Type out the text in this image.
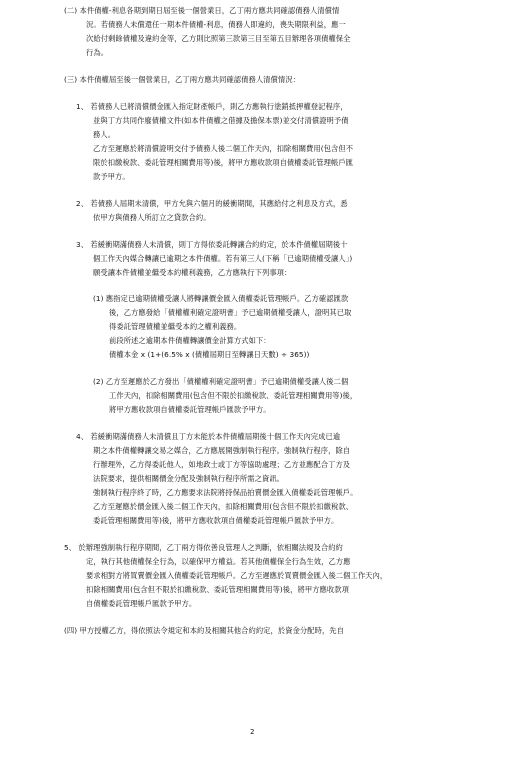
(二) 本件債權-利息各期到期日屆至後一個營業日，乙丁兩方應共同確認債務人清償情

況。若債務人未償還任一期本件債權-利息，債務人即違約，喪失期限利益，應一

次給付剩餘債權及違約金等，乙方則比照第三款第三目至第五目辦理各項債權保全

行為。

(三) 本件債權屆至後一個營業日，乙丁兩方應共同確認債務人清償情況：

1、 若債務人已將清償價金匯入指定財產帳戶，則乙方應執行塗銷抵押權登記程序，

並與丁方共同作廢債權文件(如本件債權之借據及擔保本票)並交付清償證明予債

務人。

乙方至遲應於將清償證明交付予債務人後二個工作天內，扣除相關費用(包含但不

限於扣繳稅款、委託管理相關費用等)後，將甲方應收款項自債權委託管理帳戶匯

款予甲方。

2、 若債務人屆期未清償，甲方允與六個月的緩衝期間，其應給付之利息及方式，悉

依甲方與債務人所訂立之貸款合約。

3、 若緩衝期滿債務人未清償，則丁方得依委託轉讓合約約定，於本件債權屆期後十

個工作天內媒合轉讓已逾期之本件債權。若有第三人(下稱「已逾期債權受讓人」)

願受讓本件債權並繼受本約權利義務，乙方應執行下列事項：

(1) 應指定已逾期債權受讓人將轉讓價金匯入債權委託管理帳戶。乙方確認匯款

後，乙方應發給「債權權利確定證明書」予已逾期債權受讓人，證明其已取

得委託管理債權並繼受本約之權利義務。

前段所述之逾期本件債權轉讓價金計算方式如下：

債權本金 x (1+(6.5% x (債權屆期日至轉讓日天數) ÷ 365))

(2) 乙方至遲應於乙方發出「債權權利確定證明書」予已逾期債權受讓人後二個

工作天內，扣除相關費用(包含但不限於扣繳稅款、委託管理相關費用等)後，

將甲方應收款項自債權委託管理帳戶匯款予甲方。

4、 若緩衝期滿債務人未清償且丁方未能於本件債權屆期後十個工作天內完成已逾

期之本件債權轉讓交易之媒合，乙方應展開強制執行程序。強制執行程序，除自

行辦理外，乙方得委託他人，如地政士或丁方等協助處理；乙方並應配合丁方及

法院要求，提供相關價金分配及強制執行程序所需之資訊。

強制執行程序終了時，乙方應要求法院將持保品拍賣價金匯入債權委託管理帳戶。

乙方至遲應於價金匯入後二個工作天內，扣除相關費用(包含但不限於扣繳稅款、

委託管理相關費用等)後，將甲方應收款項自債權委託管理帳戶匯款予甲方。

5、 於辦理強制執行程序期間，乙丁兩方得依善良管理人之判斷，依相關法規及合約約

定，執行其他債權保全行為，以確保甲方權益。若其他債權保全行為生效，乙方應

要求相對方將買賣價金匯入債權委託管理帳戶。乙方至遲應於買賣價金匯入後二個工作天內，

扣除相關費用(包含但不限於扣繳稅款、委託管理相關費用等)後，將甲方應收款項

自債權委託管理帳戶匯款予甲方。

(四) 甲方授權乙方，得依照法令規定和本約及相關其他合約約定，於資金分配時，先自

2
